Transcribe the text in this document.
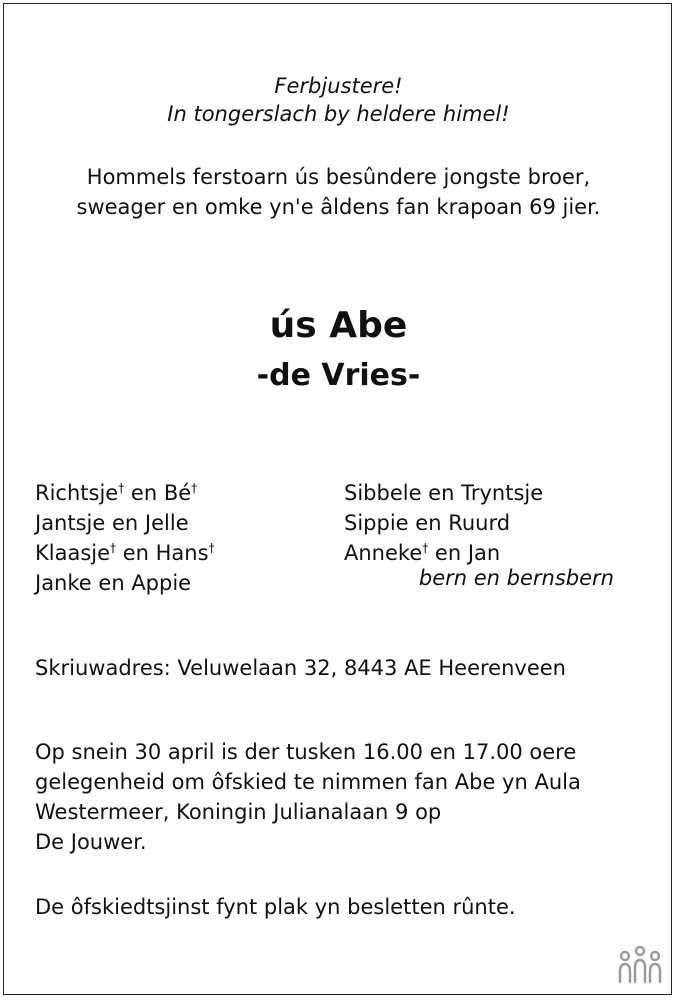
Ferbjustere!
In tongerslach by heldere himel!
Hommels ferstoarn ús besûndere jongste broer,
sweager en omke yn'e âldens fan krapoan 69 jier.
ús Abe
-de Vries-
Richtsje† en Bé†
Jantsje en Jelle
Klaasje† en Hans†
Janke en Appie
Sibbele en Tryntsje
Sippie en Ruurd
Anneke† en Jan
bern en bernsbern
Skriuwadres: Veluwelaan 32, 8443 AE Heerenveen
Op snein 30 april is der tusken 16.00 en 17.00 oere
gelegenheid om ôfskied te nimmen fan Abe yn Aula
Westermeer, Koningin Julianalaan 9 op
De Jouwer.
De ôfskiedtsjinst fynt plak yn besletten rûnte.
